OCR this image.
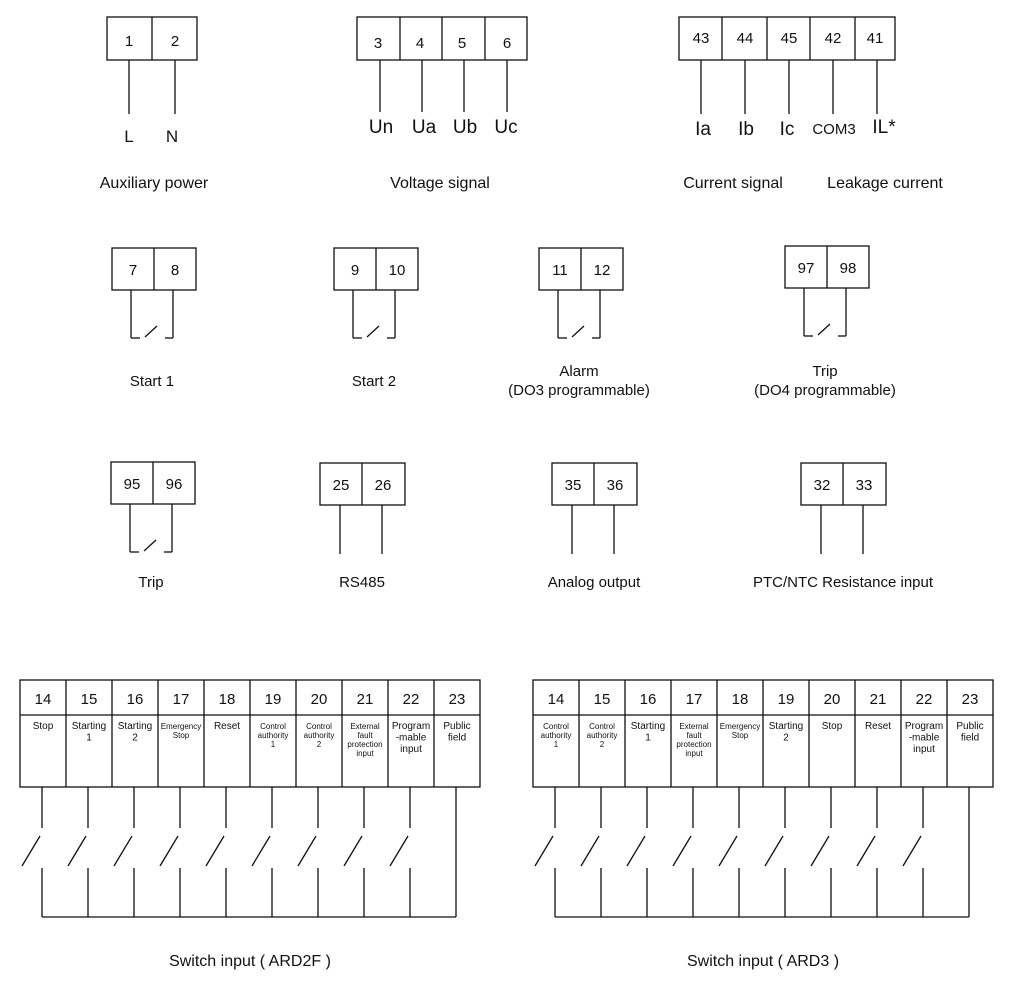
1	2
L N
Auxiliary power
3 4 5 6
Un Ua Ub Uc
Voltage signal
43 44 45 42 41
Ia Ib Ic COM3 IL*
Current signal	Leakage current
7 8
Start 1
9 10
Start 2
11 12
Alarm
(DO3 programmable)
97 98
Trip
(DO4 programmable)
95 96
Trip
25 26
RS485
35 36
Analog output
32 33
PTC/NTC Resistance input
14
Stop
15
Starting
1
16
Starting
2
17
Emergency
Stop
18
Reset
19
Control
authority
1
20
Control
authority
2
21
External
fault
protection
input
22
Program
-mable
input
23
Public
field
Switch input ( ARD2F )
14
Control
authority
1
15
Control
authority
2
16
Starting
1
17
External
fault
protection
input
18
Emergency
Stop
19
Starting
2
20
Stop
21
Reset
22
Program
-mable
input
23
Public
field
Switch input ( ARD3 )
